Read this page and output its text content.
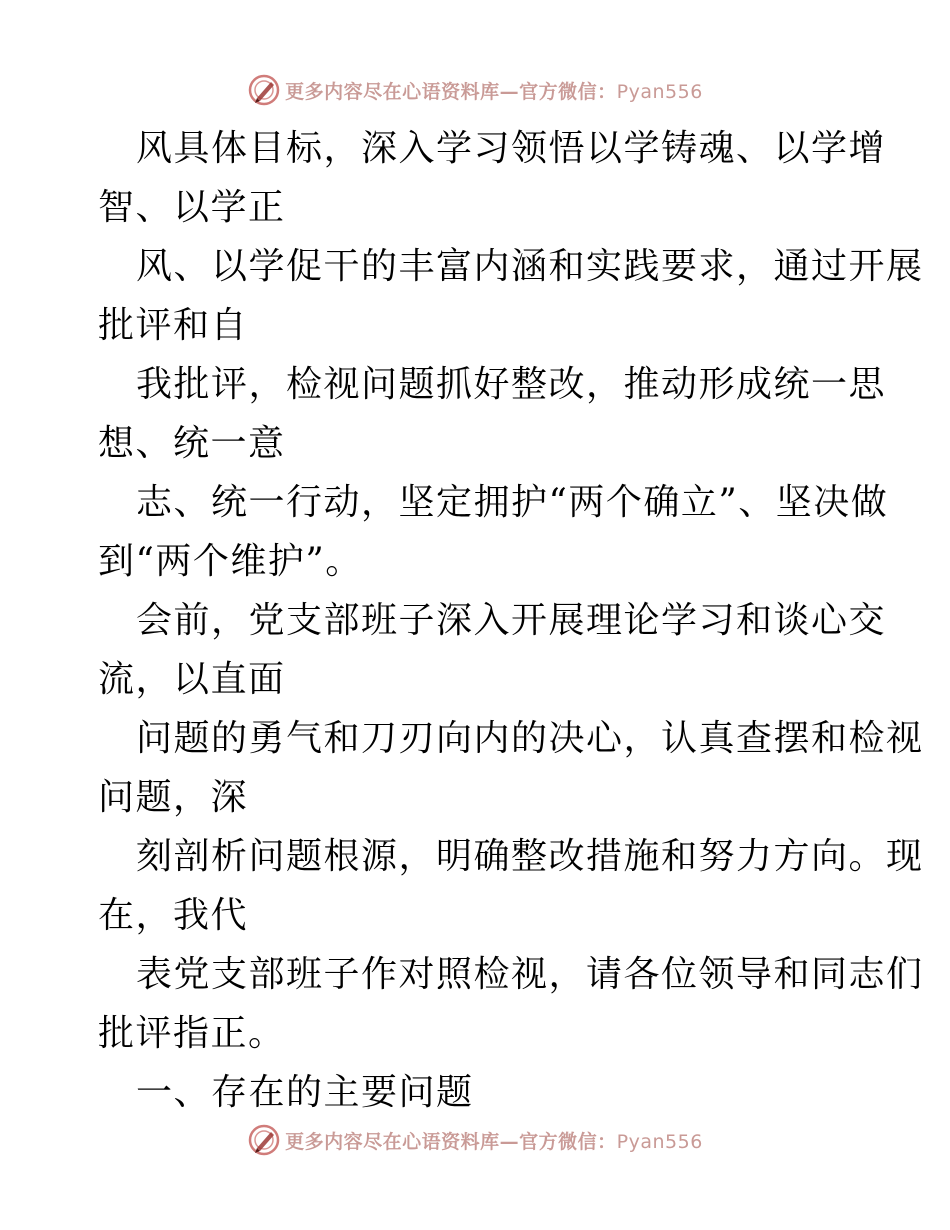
更多内容尽在心语资料库—官方微信：Pyan556
风具体目标，深入学习领悟以学铸魂、以学增
智、以学正
风、以学促干的丰富内涵和实践要求，通过开展
批评和自
我批评，检视问题抓好整改，推动形成统一思
想、统一意
志、统一行动，坚定拥护“两个确立”、坚决做
到“两个维护”。
会前，党支部班子深入开展理论学习和谈心交
流，以直面
问题的勇气和刀刃向内的决心，认真查摆和检视
问题，深
刻剖析问题根源，明确整改措施和努力方向。现
在，我代
表党支部班子作对照检视，请各位领导和同志们
批评指正。
一、存在的主要问题
更多内容尽在心语资料库—官方微信：Pyan556
